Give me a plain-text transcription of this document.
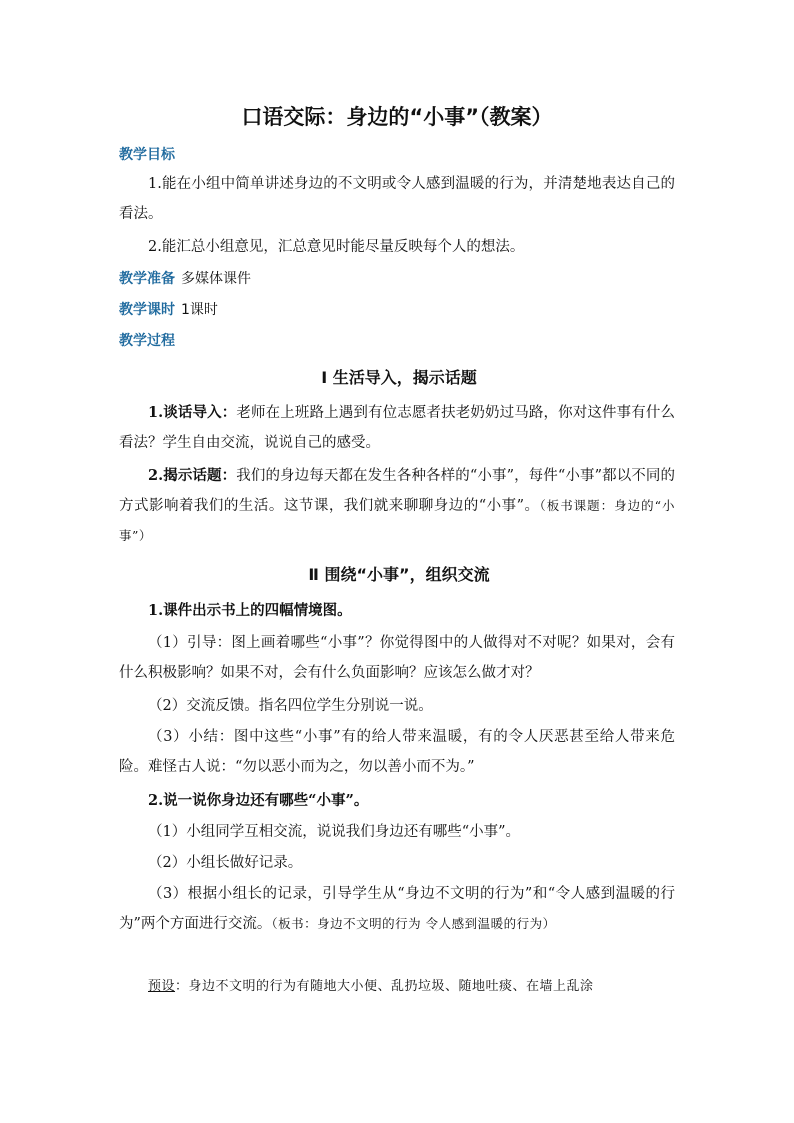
口语交际：身边的“小事”（教案）
教学目标
1.能在小组中简单讲述身边的不文明或令人感到温暖的行为，并清楚地表达自己的看法。
2.能汇总小组意见，汇总意见时能尽量反映每个人的想法。
教学准备 多媒体课件
教学课时 1课时
教学过程
Ⅰ 生活导入，揭示话题
1.谈话导入：老师在上班路上遇到有位志愿者扶老奶奶过马路，你对这件事有什么看法？学生自由交流，说说自己的感受。
2.揭示话题：我们的身边每天都在发生各种各样的“小事”，每件“小事”都以不同的方式影响着我们的生活。这节课，我们就来聊聊身边的“小事”。（板书课题：身边的“小事”）
Ⅱ 围绕“小事”，组织交流
1.课件出示书上的四幅情境图。
（1）引导：图上画着哪些“小事”？你觉得图中的人做得对不对呢？如果对，会有什么积极影响？如果不对，会有什么负面影响？应该怎么做才对？
（2）交流反馈。指名四位学生分别说一说。
（3）小结：图中这些“小事”有的给人带来温暖，有的令人厌恶甚至给人带来危险。难怪古人说：“勿以恶小而为之，勿以善小而不为。”
2.说一说你身边还有哪些“小事”。
（1）小组同学互相交流，说说我们身边还有哪些“小事”。
（2）小组长做好记录。
（3）根据小组长的记录，引导学生从“身边不文明的行为”和“令人感到温暖的行为”两个方面进行交流。（板书：身边不文明的行为 令人感到温暖的行为）
预设：身边不文明的行为有随地大小便、乱扔垃圾、随地吐痰、在墙上乱涂
